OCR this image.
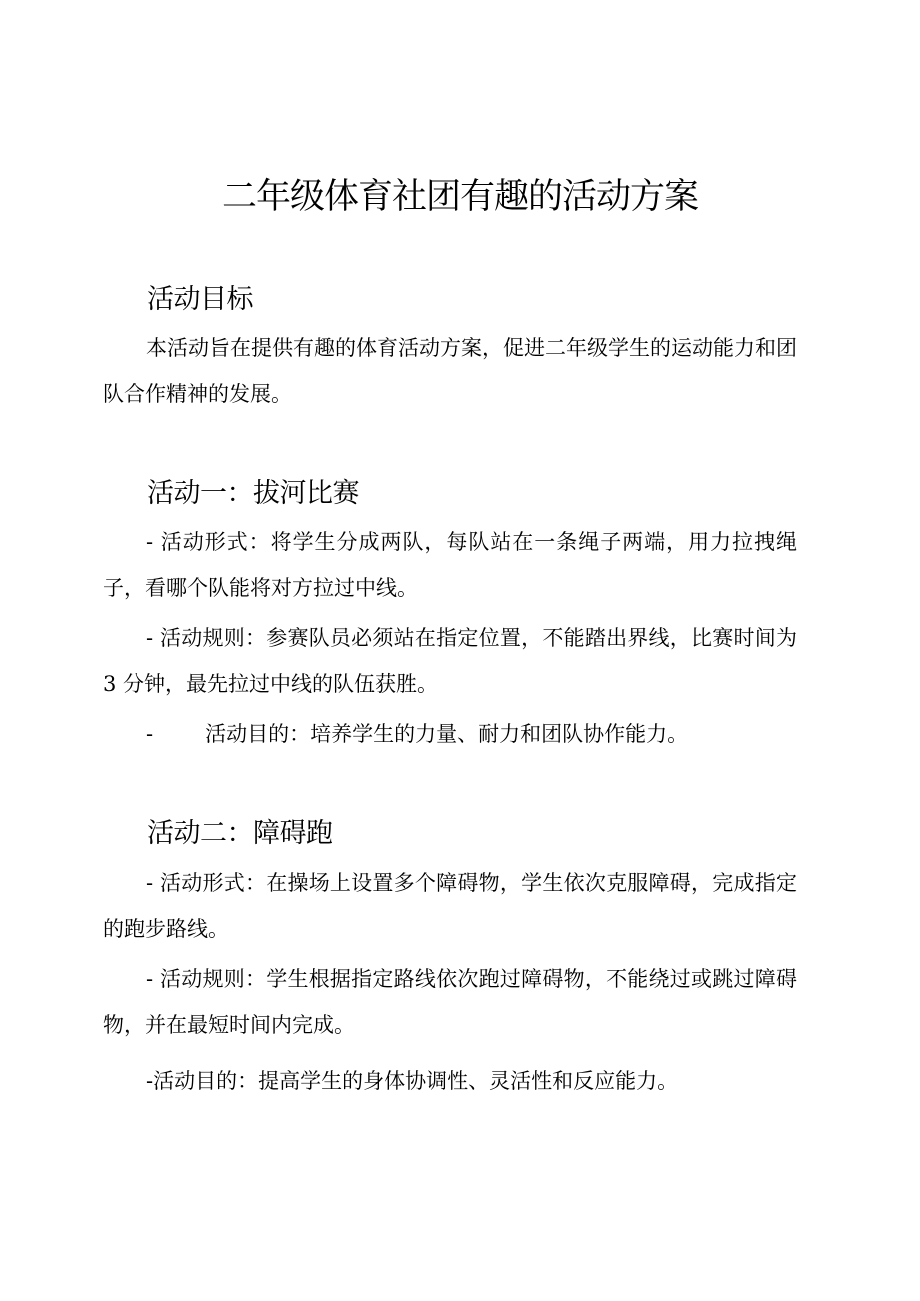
二年级体育社团有趣的活动方案
活动目标

本活动旨在提供有趣的体育活动方案，促进二年级学生的运动能力和团队合作精神的发展。

活动一：拔河比赛

- 活动形式：将学生分成两队，每队站在一条绳子两端，用力拉拽绳子，看哪个队能将对方拉过中线。

- 活动规则：参赛队员必须站在指定位置，不能踏出界线，比赛时间为 3 分钟，最先拉过中线的队伍获胜。

- 活动目的：培养学生的力量、耐力和团队协作能力。

活动二：障碍跑

- 活动形式：在操场上设置多个障碍物，学生依次克服障碍，完成指定的跑步路线。

- 活动规则：学生根据指定路线依次跑过障碍物，不能绕过或跳过障碍物，并在最短时间内完成。

-活动目的：提高学生的身体协调性、灵活性和反应能力。
